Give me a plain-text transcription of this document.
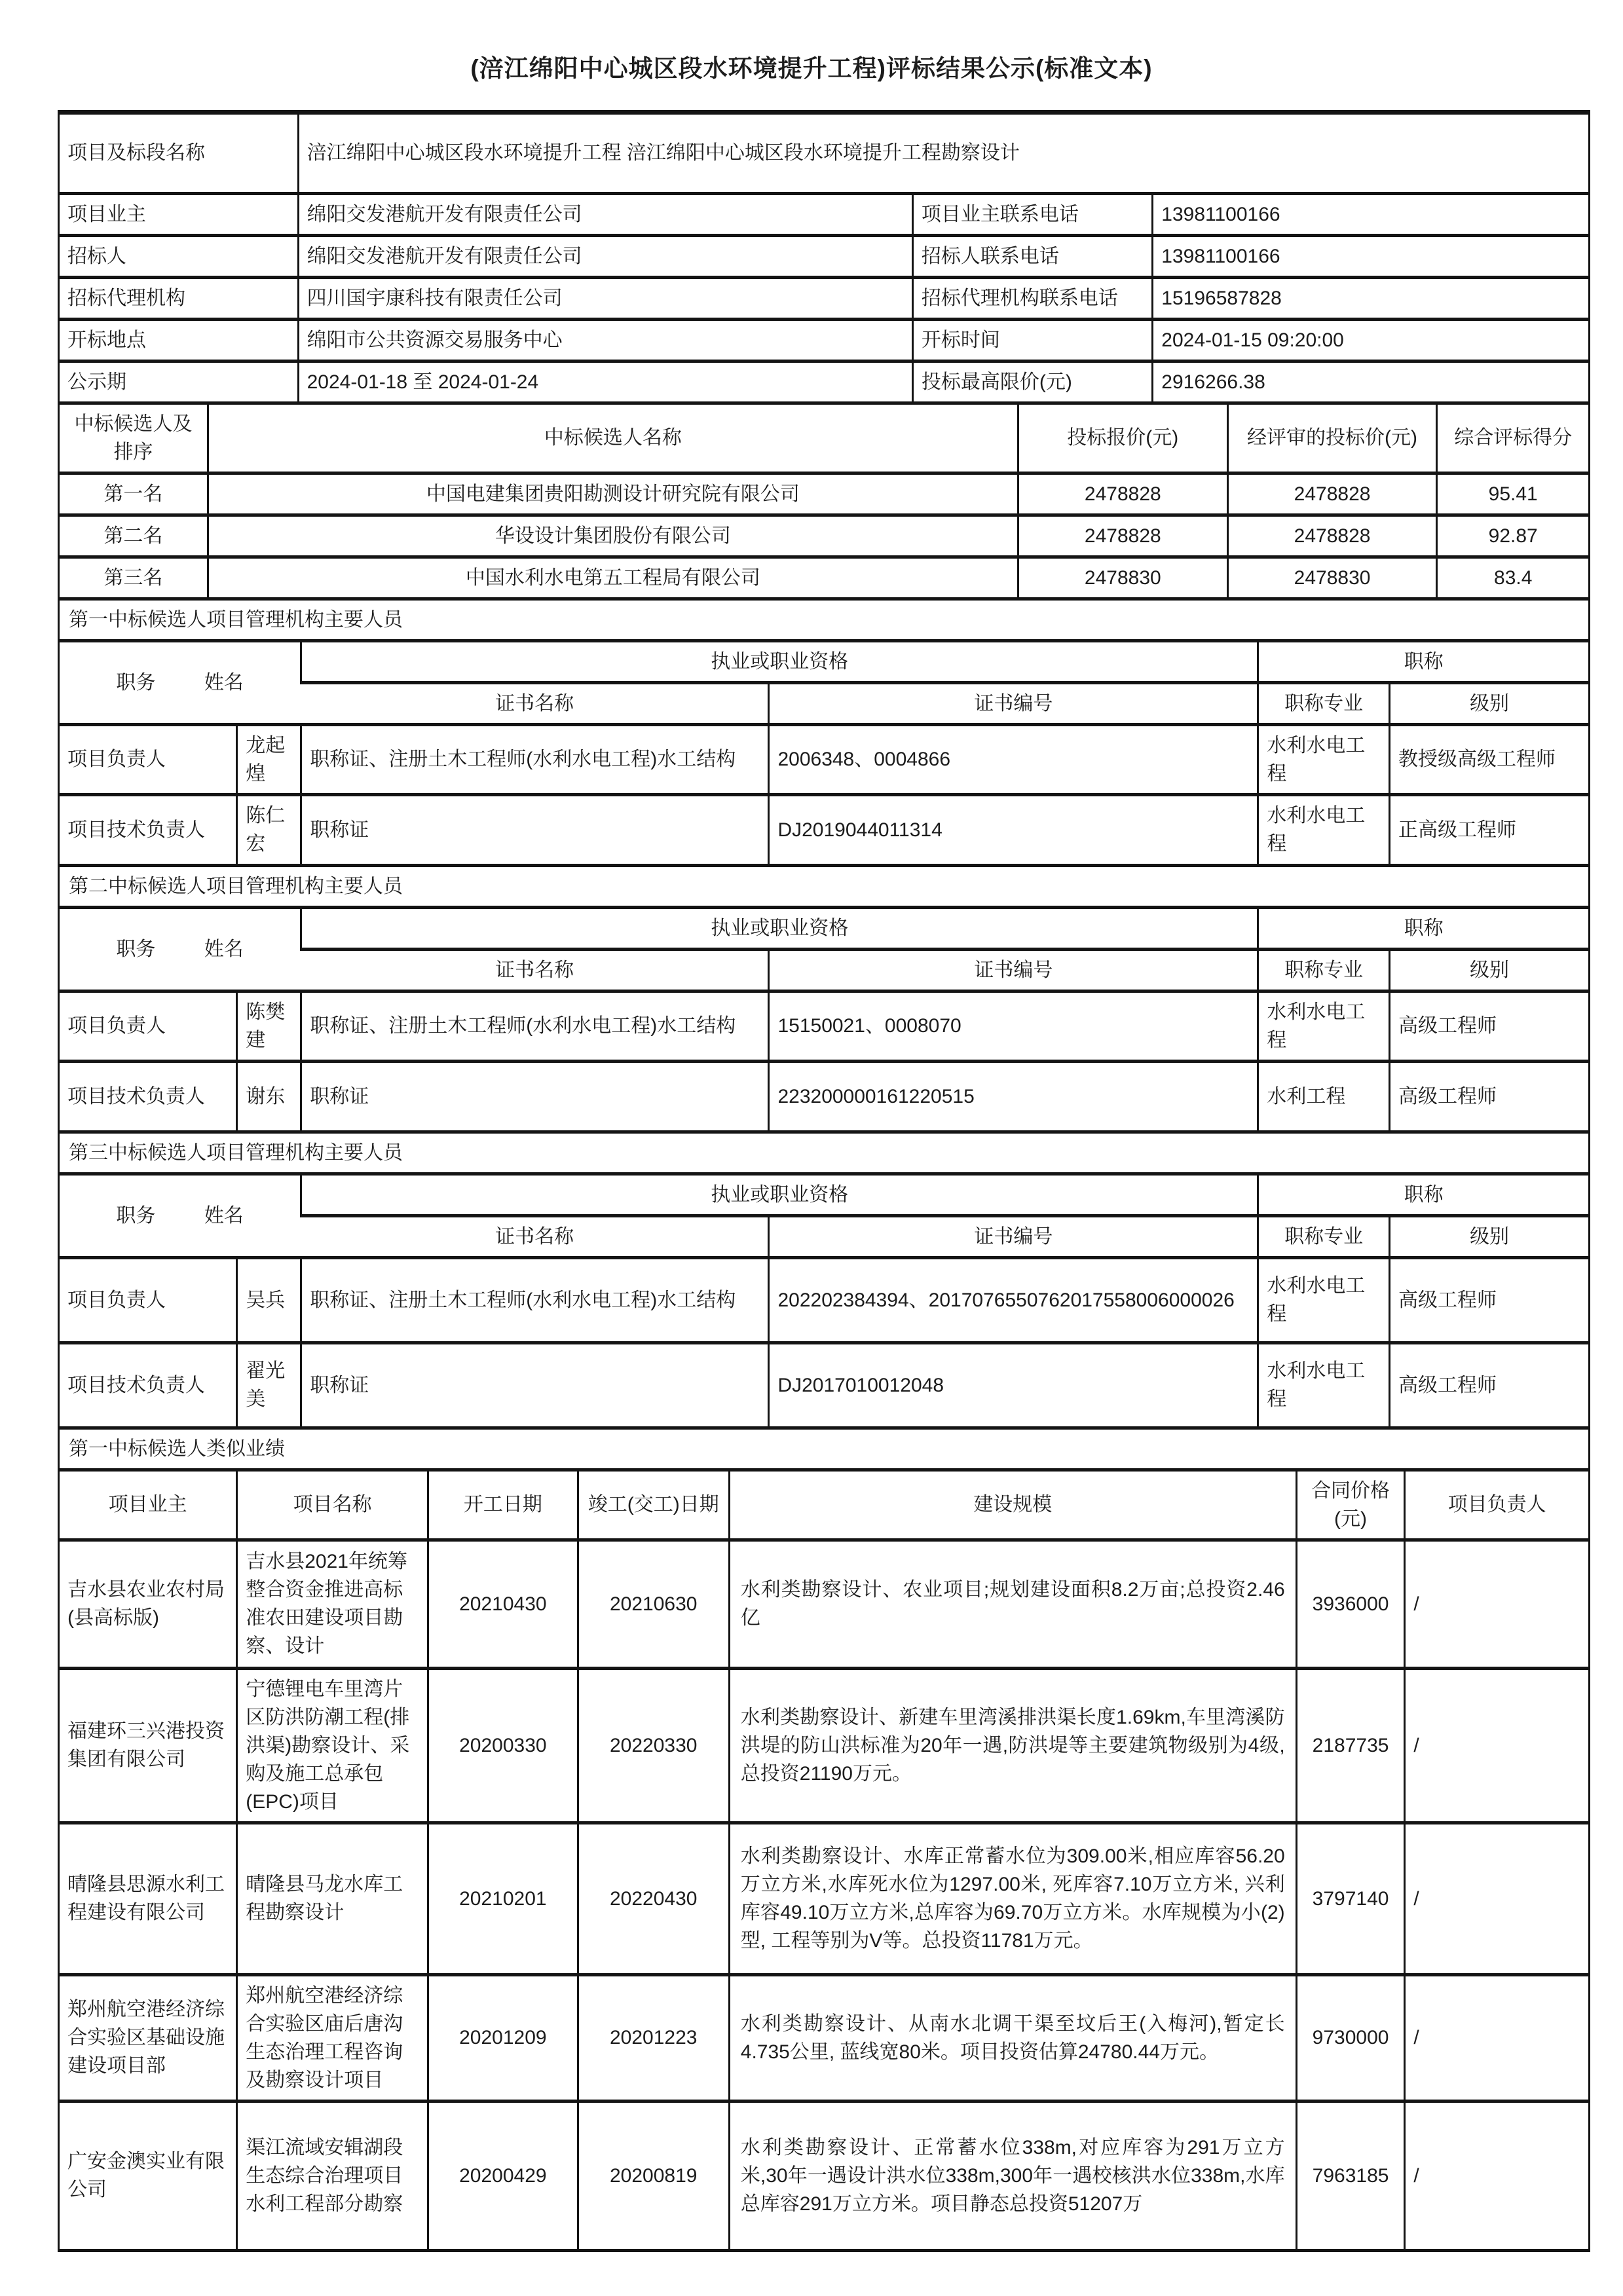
(涪江绵阳中心城区段水环境提升工程)评标结果公示(标准文本)
项目及标段名称	涪江绵阳中心城区段水环境提升工程 涪江绵阳中心城区段水环境提升工程勘察设计		
项目业主	绵阳交发港航开发有限责任公司	项目业主联系电话	13981100166
招标人	绵阳交发港航开发有限责任公司	招标人联系电话	13981100166
招标代理机构	四川国宇康科技有限责任公司	招标代理机构联系电话	15196587828
开标地点	绵阳市公共资源交易服务中心	开标时间	2024-01-15 09:20:00
公示期	2024-01-18 至 2024-01-24	投标最高限价(元)	2916266.38
中标候选人及排序	中标候选人名称	投标报价(元)	经评审的投标价(元)	综合评标得分
第一名	中国电建集团贵阳勘测设计研究院有限公司	2478828	2478828	95.41
第二名	华设设计集团股份有限公司	2478828	2478828	92.87
第三名	中国水利水电第五工程局有限公司	2478830	2478830	83.4
第一中标候选人项目管理机构主要人员					

职务 姓名		执业或职业资格		职称	
		证书名称	证书编号	职称专业	级别
项目负责人	龙起煌	职称证、注册土木工程师(水利水电工程)水工结构	2006348、0004866	水利水电工程	教授级高级工程师
项目技术负责人	陈仁宏	职称证	DJ2019044011314	水利水电工程	正高级工程师
第二中标候选人项目管理机构主要人员					

职务 姓名		执业或职业资格		职称	
		证书名称	证书编号	职称专业	级别
项目负责人	陈樊建	职称证、注册土木工程师(水利水电工程)水工结构	15150021、0008070	水利水电工程	高级工程师
项目技术负责人	谢东	职称证	223200000161220515	水利工程	高级工程师
第三中标候选人项目管理机构主要人员					

职务 姓名		执业或职业资格		职称	
		证书名称	证书编号	职称专业	级别
项目负责人	吴兵	职称证、注册土木工程师(水利水电工程)水工结构	202202384394、2017076550762017558006000026	水利水电工程	高级工程师
项目技术负责人	翟光美	职称证	DJ2017010012048	水利水电工程	高级工程师
第一中标候选人类似业绩						
项目业主	项目名称	开工日期	竣工(交工)日期	建设规模	合同价格(元)	项目负责人
吉水县农业农村局(县高标版)	吉水县2021年统筹整合资金推进高标准农田建设项目勘察、设计	20210430	20210630	水利类勘察设计、农业项目;规划建设面积8.2万亩;总投资2.46亿	3936000	/
福建环三兴港投资集团有限公司	宁德锂电车里湾片区防洪防潮工程(排洪渠)勘察设计、采购及施工总承包(EPC)项目	20200330	20220330	水利类勘察设计、新建车里湾溪排洪渠长度1.69km,车里湾溪防洪堤的防山洪标准为20年一遇,防洪堤等主要建筑物级别为4级,总投资21190万元。	2187735	/
晴隆县思源水利工程建设有限公司	晴隆县马龙水库工程勘察设计	20210201	20220430	水利类勘察设计、水库正常蓄水位为309.00米,相应库容56.20万立方米,水库死水位为1297.00米, 死库容7.10万立方米, 兴利库容49.10万立方米,总库容为69.70万立方米。水库规模为小(2)型, 工程等别为V等。总投资11781万元。	3797140	/
郑州航空港经济综合实验区基础设施建设项目部	郑州航空港经济综合实验区庙后唐沟生态治理工程咨询及勘察设计项目	20201209	20201223	水利类勘察设计、从南水北调干渠至坟后王(入梅河),暂定长4.735公里, 蓝线宽80米。项目投资估算24780.44万元。	9730000	/
广安金澳实业有限公司	渠江流域安辑湖段生态综合治理项目水利工程部分勘察	20200429	20200819	水利类勘察设计、正常蓄水位338m,对应库容为291万立方米,30年一遇设计洪水位338m,300年一遇校核洪水位338m,水库总库容291万立方米。项目静态总投资51207万	7963185	/
